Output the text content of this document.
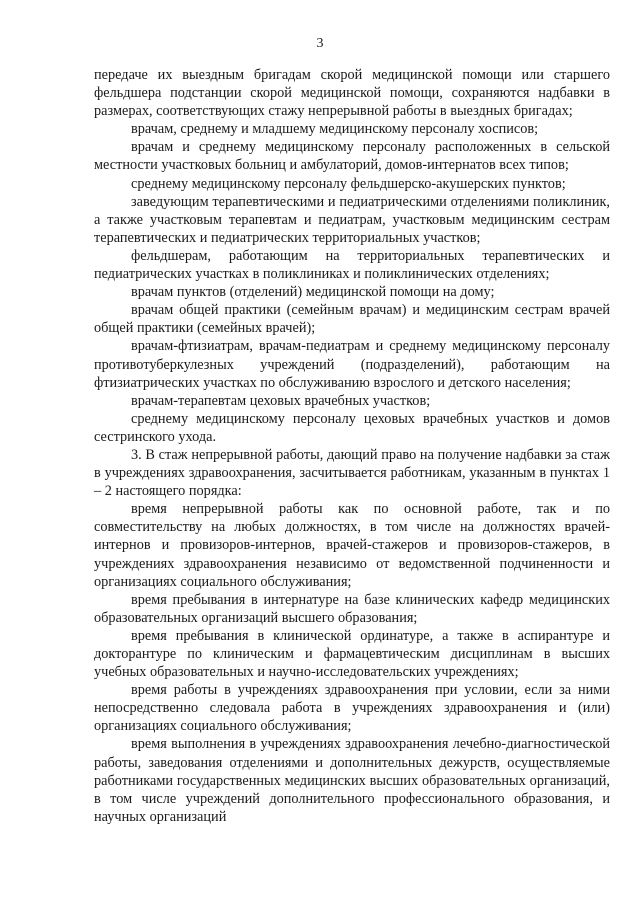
3

передаче их выездным бригадам скорой медицинской помощи или старшего фельдшера подстанции скорой медицинской помощи, сохраняются надбавки в размерах, соответствующих стажу непрерывной работы в выездных бригадах;

врачам, среднему и младшему медицинскому персоналу хосписов;

врачам и среднему медицинскому персоналу расположенных в сельской местности участковых больниц и амбулаторий, домов-интернатов всех типов;

среднему медицинскому персоналу фельдшерско-акушерских пунктов;

заведующим терапевтическими и педиатрическими отделениями поликлиник, а также участковым терапевтам и педиатрам, участковым медицинским сестрам терапевтических и педиатрических территориальных участков;

фельдшерам, работающим на территориальных терапевтических и педиатрических участках в поликлиниках и поликлинических отделениях;

врачам пунктов (отделений) медицинской помощи на дому;

врачам общей практики (семейным врачам) и медицинским сестрам врачей общей практики (семейных врачей);

врачам-фтизиатрам, врачам-педиатрам и среднему медицинскому персоналу противотуберкулезных учреждений (подразделений), работающим на фтизиатрических участках по обслуживанию взрослого и детского населения;

врачам-терапевтам цеховых врачебных участков;

среднему медицинскому персоналу цеховых врачебных участков и домов сестринского ухода.

3. В стаж непрерывной работы, дающий право на получение надбавки за стаж в учреждениях здравоохранения, засчитывается работникам, указанным в пунктах 1 – 2 настоящего порядка:

время непрерывной работы как по основной работе, так и по совместительству на любых должностях, в том числе на должностях врачей-интернов и провизоров-интернов, врачей-стажеров и провизоров-стажеров, в учреждениях здравоохранения независимо от ведомственной подчиненности и организациях социального обслуживания;

время пребывания в интернатуре на базе клинических кафедр медицинских образовательных организаций высшего образования;

время пребывания в клинической ординатуре, а также в аспирантуре и докторантуре по клиническим и фармацевтическим дисциплинам в высших учебных образовательных и научно-исследовательских учреждениях;

время работы в учреждениях здравоохранения при условии, если за ними непосредственно следовала работа в учреждениях здравоохранения и (или) организациях социального обслуживания;

время выполнения в учреждениях здравоохранения лечебно-диагностической работы, заведования отделениями и дополнительных дежурств, осуществляемые работниками государственных медицинских высших образовательных организаций, в том числе учреждений дополнительного профессионального образования, и научных организаций
